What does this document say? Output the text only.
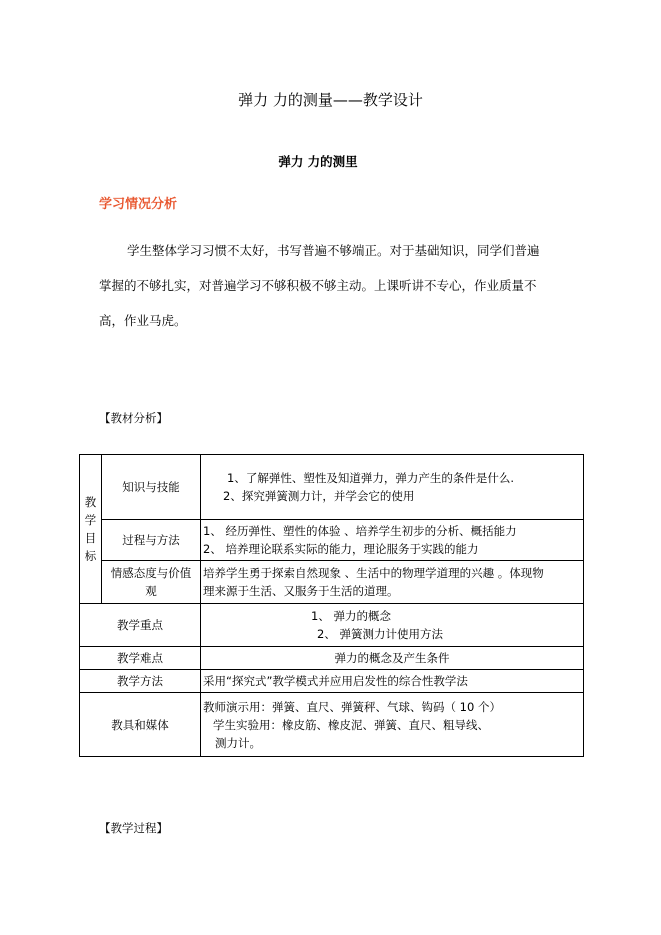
弹力 力的测量——教学设计
弹力 力的测里
学习情况分析
学生整体学习习惯不太好，书写普遍不够端正。对于基础知识，同学们普遍
掌握的不够扎实，对普遍学习不够积极不够主动。上课听讲不专心，作业质量不
高，作业马虎。
【教材分析】
教
学
目
标	知识与技能	1、了解弹性、塑性及知道弹力，弹力产生的条件是什么.
2、探究弹簧测力计，并学会它的使用

	过程与方法	1、 经历弹性、塑性的体验 、培养学生初步的分析、概括能力
2、 培养理论联系实际的能力，理论服务于实践的能力

	情感态度与价值
观	培养学生勇于探索自然现象 、生活中的物理学道理的兴趣 。体现物
理来源于生活、又服务于生活的道理。

教学重点		1、 弹力的概念
2、 弹簧测力计使用方法

教学难点		弹力的概念及产生条件
教学方法		采用“探究式”教学模式并应用启发性的综合性教学法
教具和媒体		教师演示用：弹簧、直尺、弹簧秤、气球、钩码（ 10 个）
学生实验用：橡皮筋、橡皮泥、弹簧、直尺、粗导线、
测力计。
【教学过程】
